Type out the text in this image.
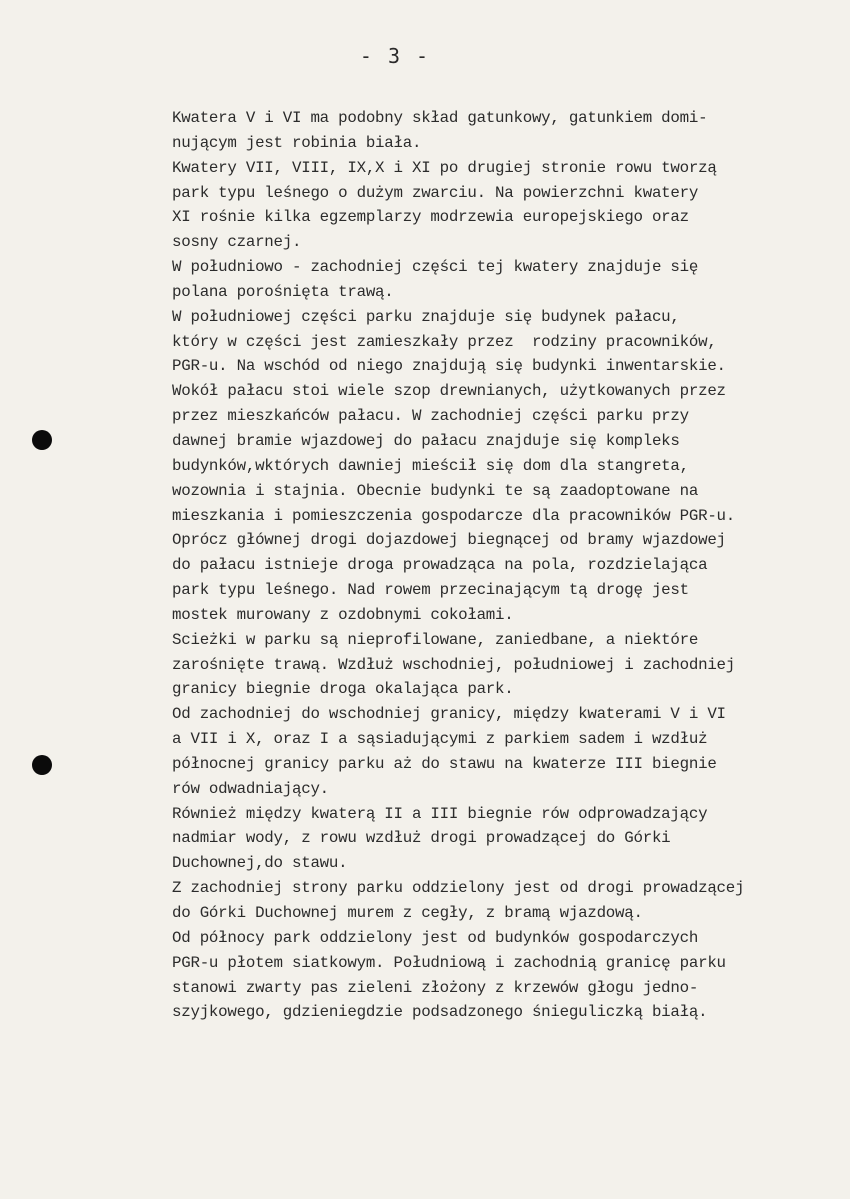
- 3 -
Kwatera V i VI ma podobny skład gatunkowy, gatunkiem domi-
nującym jest robinia biała.
Kwatery VII, VIII, IX,X i XI po drugiej stronie rowu tworzą
park typu leśnego o dużym zwarciu. Na powierzchni kwatery
XI rośnie kilka egzemplarzy modrzewia europejskiego oraz
sosny czarnej.
W południowo - zachodniej części tej kwatery znajduje się
polana porośnięta trawą.
W południowej części parku znajduje się budynek pałacu,
który w części jest zamieszkały przez  rodziny pracowników,
PGR-u. Na wschód od niego znajdują się budynki inwentarskie.
Wokół pałacu stoi wiele szop drewnianych, użytkowanych przez
przez mieszkańców pałacu. W zachodniej części parku przy
dawnej bramie wjazdowej do pałacu znajduje się kompleks
budynków,wktórych dawniej mieścił się dom dla stangreta,
wozownia i stajnia. Obecnie budynki te są zaadoptowane na
mieszkania i pomieszczenia gospodarcze dla pracowników PGR-u.
Oprócz głównej drogi dojazdowej biegnącej od bramy wjazdowej
do pałacu istnieje droga prowadząca na pola, rozdzielająca
park typu leśnego. Nad rowem przecinającym tą drogę jest
mostek murowany z ozdobnymi cokołami.
Scieżki w parku są nieprofilowane, zaniedbane, a niektóre
zarośnięte trawą. Wzdłuż wschodniej, południowej i zachodniej
granicy biegnie droga okalająca park.
Od zachodniej do wschodniej granicy, między kwaterami V i VI
a VII i X, oraz I a sąsiadującymi z parkiem sadem i wzdłuż
północnej granicy parku aż do stawu na kwaterze III biegnie
rów odwadniający.
Również między kwaterą II a III biegnie rów odprowadzający
nadmiar wody, z rowu wzdłuż drogi prowadzącej do Górki
Duchownej,do stawu.
Z zachodniej strony parku oddzielony jest od drogi prowadzącej
do Górki Duchownej murem z cegły, z bramą wjazdową.
Od północy park oddzielony jest od budynków gospodarczych
PGR-u płotem siatkowym. Południową i zachodnią granicę parku
stanowi zwarty pas zieleni złożony z krzewów głogu jedno-
szyjkowego, gdzieniegdzie podsadzonego śnieguliczką białą.
